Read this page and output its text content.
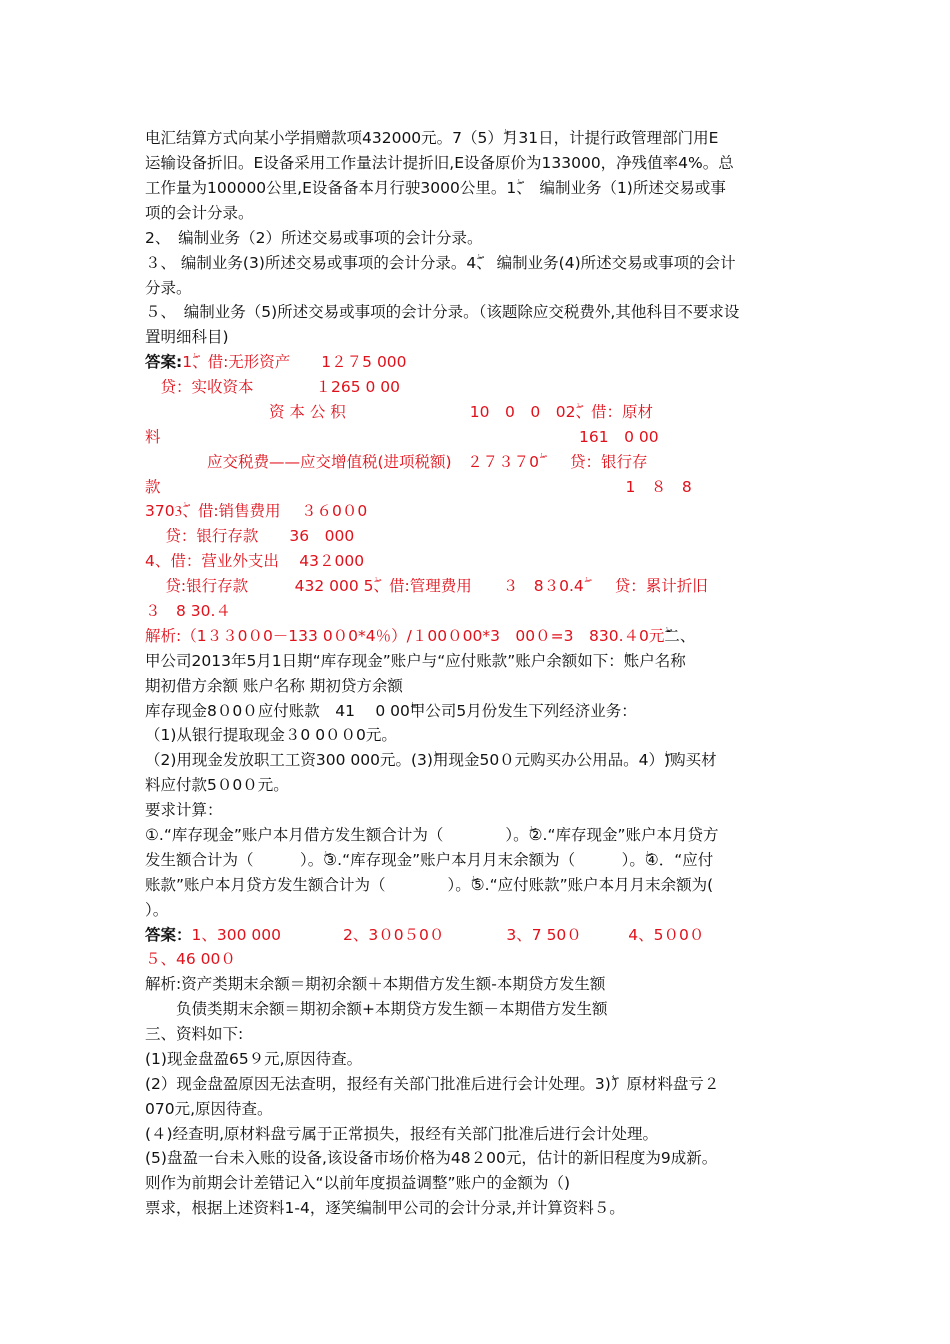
电汇结算方式向某小学捐赠款项432000元。7（5）ۖ月31日，计提行政管理部门用E
运输设备折旧。E设备采用工作量法计提折旧,E设备原价为133000，净残值率4%。总
工作量为100000公里,E设备备本月行驶3000公里。1ۖ、　编制业务（1)所述交易或事
项的会计分录。
2、　编制业务（2）所述交易或事项的会计分录。
３、 编制业务(3)所述交易或事项的会计分录。4ۖ、 编制业务(4)所述交易或事项的会计
分录。
５、　编制业务（5)所述交易或事项的会计分录。（该题除应交税费外,其他科目不要求设
置明细科目)
答案:1ۖ、借:无形资产　　1２７5 000
　贷：实收资本　　　　１265 0 00
　　　　　　　　资 本 公 积　　　　　　　　10　0　0　02ۖ、借：原材
料　　　　　　　　　　　　　　　　　　　　　　　　　　　161　0 00
　　　　应交税费——应交增值税(进项税额)　２７３７0ۖ　　贷：银行存
款　　　　　　　　　　　　　　　　　　　　　　　　　　　　　　1　８　8
3703ۖ、借:销售费用　 ３６0０0
　 贷：银行存款　　36　000
4、借：营业外支出　 43２000
　 贷:银行存款　　　432 000 5ۖ、借:管理费用　　３　8３0.4ۖ　　贷：累计折旧
３　8 30.４
解析:（1３３0０0－133 0０0*4％）/１00０00*3　00０=3　830.４0元ۖ二、
甲公司2013年5月1日期“库存现金”账户与“应付账款”账户余额如下：ۖ账户名称
期初借方余额 账户名称 期初贷方余额
库存现金8０0０应付账款　41　 0 00ۖ甲公司5月份发生下列经济业务：
（1)从银行提取现金３0 0００0元。
（2)用现金发放职工工资300 000元。(3)ۖ用现金50０元购买办公用品。4）ۖ)购买材
料应付款5０0０元。
要求计算：
①.“库存现金”账户本月借方发生额合计为（　　　　）。ۖ②.“库存现金”账户本月贷方
发生额合计为（　　　）。ۖ③.“库存现金”账户本月月末余额为（　　　）。ۖ④．“应付
账款”账户本月贷方发生额合计为（　　　　）。ۖ⑤.“应付账款”账户本月月末余额为(
）。
答案：1、300 000　　　　2、3０0５0０　　　　3、7 50０　　　4、5０0０
５、46 00０
解析:资产类期末余额＝期初余额＋本期借方发生额-本期贷方发生额
　　负债类期末余额＝期初余额+本期贷方发生额－本期借方发生额
三、资料如下:
(1)现金盘盈65９元,原因待查。
(2）现金盘盈原因无法查明，报经有关部门批准后进行会计处理。3)ۖ）原材料盘亏２
070元,原因待查。
(４)经查明,原材料盘亏属于正常损失，报经有关部门批准后进行会计处理。
(5)盘盈一台未入账的设备,该设备市场价格为48２00元，估计的新旧程度为9成新。
则作为前期会计差错记入“以前年度损益调整”账户的金额为（)
票求，根据上述资料1-4，逐笑编制甲公司的会计分录,并计算资料５。
